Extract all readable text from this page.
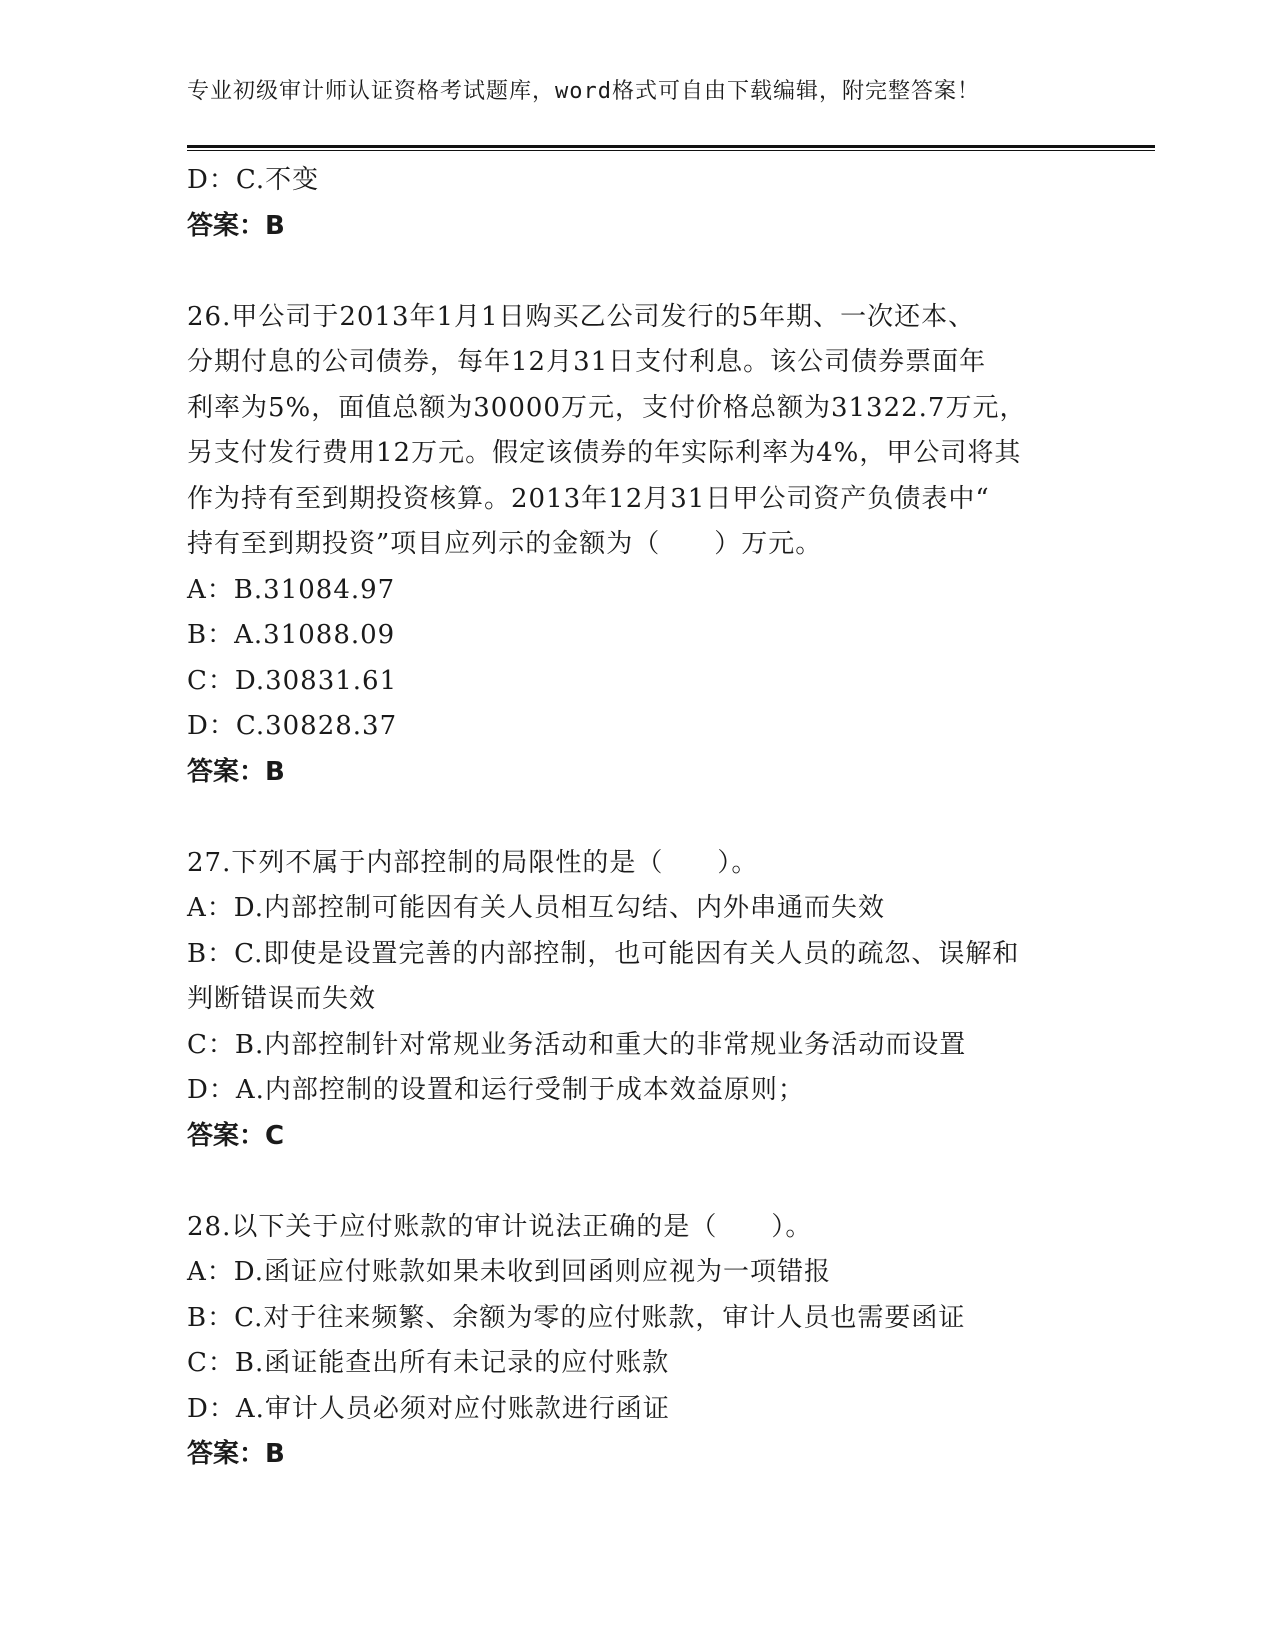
专业初级审计师认证资格考试题库，word格式可自由下载编辑，附完整答案！
D：C.不变
答案：B
26.甲公司于2013年1月1日购买乙公司发行的5年期、一次还本、
分期付息的公司债券，每年12月31日支付利息。该公司债券票面年
利率为5%，面值总额为30000万元，支付价格总额为31322.7万元，
另支付发行费用12万元。假定该债券的年实际利率为4%，甲公司将其
作为持有至到期投资核算。2013年12月31日甲公司资产负债表中“
持有至到期投资”项目应列示的金额为（　　）万元。
A：B.31084.97
B：A.31088.09
C：D.30831.61
D：C.30828.37
答案：B
27.下列不属于内部控制的局限性的是（　　）。
A：D.内部控制可能因有关人员相互勾结、内外串通而失效
B：C.即使是设置完善的内部控制，也可能因有关人员的疏忽、误解和
判断错误而失效
C：B.内部控制针对常规业务活动和重大的非常规业务活动而设置
D：A.内部控制的设置和运行受制于成本效益原则；
答案：C
28.以下关于应付账款的审计说法正确的是（　　）。
A：D.函证应付账款如果未收到回函则应视为一项错报
B：C.对于往来频繁、余额为零的应付账款，审计人员也需要函证
C：B.函证能查出所有未记录的应付账款
D：A.审计人员必须对应付账款进行函证
答案：B
